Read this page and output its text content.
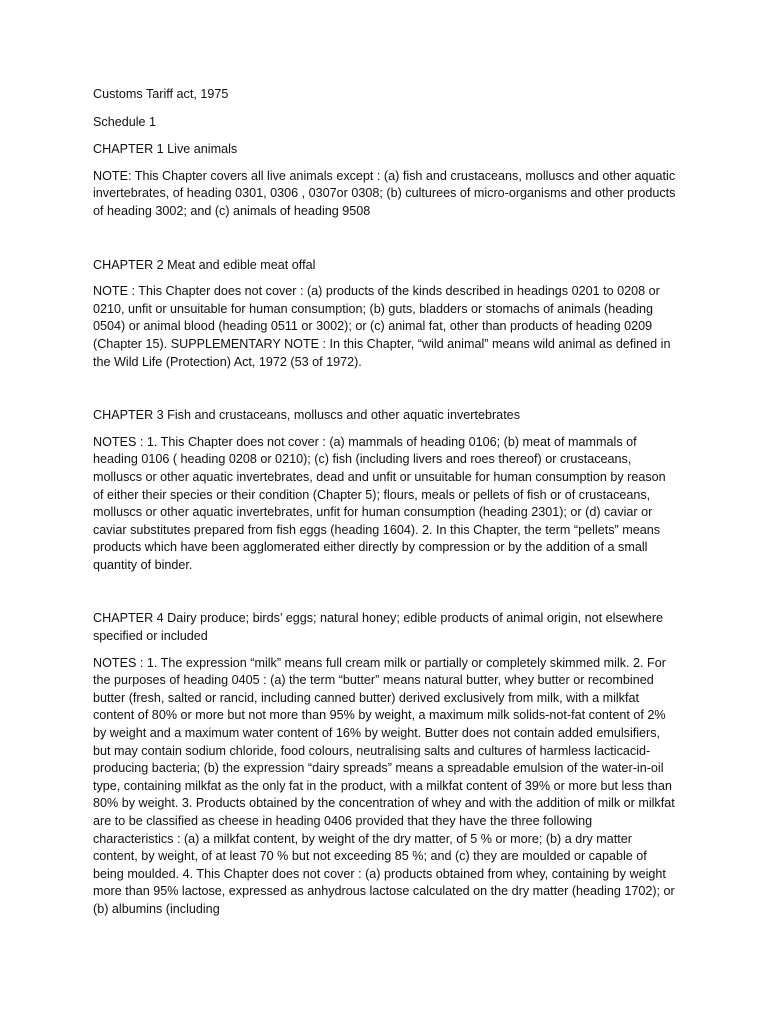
Customs Tariff act, 1975

Schedule 1

CHAPTER 1 Live animals

NOTE: This Chapter covers all live animals except : (a) fish and crustaceans, molluscs and other aquatic invertebrates, of heading 0301, 0306 , 0307or 0308; (b) culturees of micro-organisms and other products of heading 3002; and (c) animals of heading 9508

CHAPTER 2 Meat and edible meat offal

NOTE : This Chapter does not cover : (a) products of the kinds described in headings 0201 to 0208 or 0210, unfit or unsuitable for human consumption; (b) guts, bladders or stomachs of animals (heading 0504) or animal blood (heading 0511 or 3002); or (c) animal fat, other than products of heading 0209 (Chapter 15). SUPPLEMENTARY NOTE : In this Chapter, “wild animal” means wild animal as defined in the Wild Life (Protection) Act, 1972 (53 of 1972).

CHAPTER 3 Fish and crustaceans, molluscs and other aquatic invertebrates

NOTES : 1. This Chapter does not cover : (a) mammals of heading 0106; (b) meat of mammals of heading 0106 ( heading 0208 or 0210); (c) fish (including livers and roes thereof) or crustaceans, molluscs or other aquatic invertebrates, dead and unfit or unsuitable for human consumption by reason of either their species or their condition (Chapter 5); flours, meals or pellets of fish or of crustaceans, molluscs or other aquatic invertebrates, unfit for human consumption (heading 2301); or (d) caviar or caviar substitutes prepared from fish eggs (heading 1604). 2. In this Chapter, the term “pellets” means products which have been agglomerated either directly by compression or by the addition of a small quantity of binder.

CHAPTER 4 Dairy produce; birds’ eggs; natural honey; edible products of animal origin, not elsewhere specified or included

NOTES : 1. The expression “milk” means full cream milk or partially or completely skimmed milk. 2. For the purposes of heading 0405 : (a) the term “butter” means natural butter, whey butter or recombined butter (fresh, salted or rancid, including canned butter) derived exclusively from milk, with a milkfat content of 80% or more but not more than 95% by weight, a maximum milk solids-not-fat content of 2% by weight and a maximum water content of 16% by weight. Butter does not contain added emulsifiers, but may contain sodium chloride, food colours, neutralising salts and cultures of harmless lacticacid-producing bacteria; (b) the expression “dairy spreads” means a spreadable emulsion of the water-in-oil type, containing milkfat as the only fat in the product, with a milkfat content of 39% or more but less than 80% by weight. 3. Products obtained by the concentration of whey and with the addition of milk or milkfat are to be classified as cheese in heading 0406 provided that they have the three following characteristics : (a) a milkfat content, by weight of the dry matter, of 5 % or more; (b) a dry matter content, by weight, of at least 70 % but not exceeding 85 %; and (c) they are moulded or capable of being moulded. 4. This Chapter does not cover : (a) products obtained from whey, containing by weight more than 95% lactose, expressed as anhydrous lactose calculated on the dry matter (heading 1702); or (b) albumins (including
